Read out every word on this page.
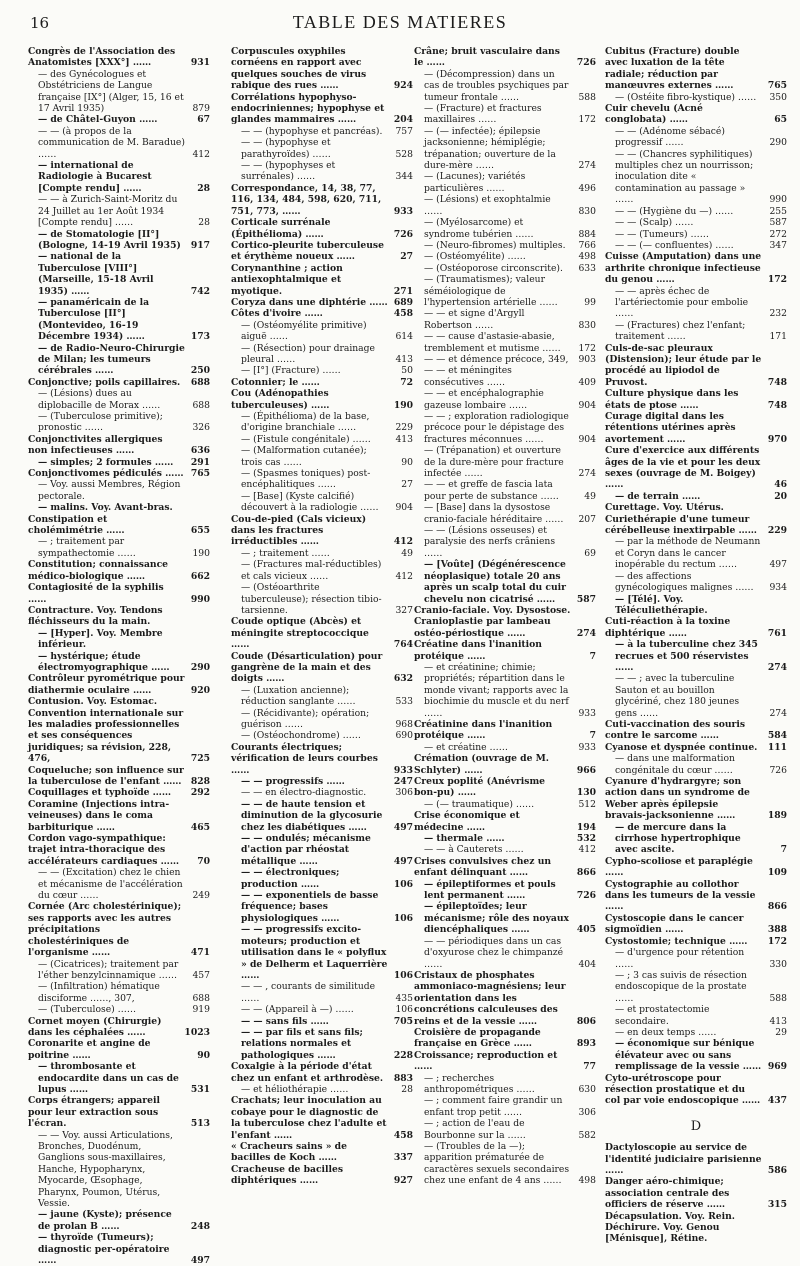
16	TABLE DES MATIERES
Congrès de l'Association des Anatomistes [XXX°] ……	931
— des Gynécologues et Obstétriciens de Langue française [IX°] (Alger, 15, 16 et 17 Avril 1935)	879
— de Châtel-Guyon ……	67
— — (à propos de la communication de M. Baradue) ……	412
— international de Radiologie à Bucarest [Compte rendu] ……	28
— — à Zurich-Saint-Moritz du 24 Juillet au 1er Août 1934 [Compte rendu] ……	28
— de Stomatologie [II°] (Bologne, 14-19 Avril 1935)	917
— national de la Tuberculose [VIII°] (Marseille, 15-18 Avril 1935) ……	742
— panaméricain de la Tuberculose [II°] (Montevideo, 16-19 Décembre 1934) ……	173
— de Radio-Neuro-Chirurgie de Milan; les tumeurs cérébrales ……	250
Conjonctive; poils capillaires.	688
— (Lésions) dues au diplobacille de Morax ……	688
— (Tuberculose primitive); pronostic ……	326
Conjonctivites allergiques non infectieuses ……	636
— simples; 2 formules ……	291
Conjonctivomes pédiculés …… 765
— Voy. aussi Membres, Région pectorale.
— malins. Voy. Avant-bras.
Constipation et cholémimétrie ……	655
— ; traitement par sympathectomie ……	190
Constitution; connaissance médico-biologique ……	662
Contagiosité de la syphilis ……	990
Contracture. Voy. Tendons fléchisseurs du la main.
— [Hyper]. Voy. Membre inférieur.
— hystérique; étude électromyographique ……	290
Contrôleur pyrométrique pour diathermie oculaire ……	920
Contusion. Voy. Estomac.
Convention internationale sur les maladies professionnelles et ses conséquences juridiques; sa révision, 228, 476,	725
Coqueluche; son influence sur la tuberculose de l'enfant ……	828
Coquillages et typhoïde ……	292
Coramine (Injections intra-veineuses) dans le coma barbiturique ……	465
Cordon vago-sympathique: trajet intra-thoracique des accélérateurs cardiaques ……	70
— — (Excitation) chez le chien et mécanisme de l'accélération du cœur ……	249
Cornée (Arc cholestérinique); ses rapports avec les autres précipitations cholestériniques de l'organisme ……	471
— (Cicatrices); traitement par l'éther benzylcinnamique ……	457
— (Infiltration) hématique disciforme ……, 307,	688
— (Tuberculose) ……	919
Cornet moyen (Chirurgie) dans les céphalées ……	1023
Coronarite et angine de poitrine ……	90
— thrombosante et endocardite dans un cas de lupus ……	531
Corps étrangers; appareil pour leur extraction sous l'écran.	513
— — Voy. aussi Articulations, Bronches, Duodénum, Ganglions sous-maxillaires, Hanche, Hypopharynx, Myocarde, Œsophage, Pharynx, Poumon, Utérus, Vessie.
— jaune (Kyste); présence de prolan B ……	248
— thyroïde (Tumeurs); diagnostic per-opératoire ……	497
Corpuscules oxyphiles cornéens en rapport avec quelques souches de virus rabique des rues ……	924
Corrélations hypophyso-endocriniennes; hypophyse et glandes mammaires ……	204
— — (hypophyse et pancréas).	757
— — (hypophyse et parathyroïdes) ……	528
— — (hypophyses et surrénales) ……	344
Correspondance, 14, 38, 77, 116, 134, 484, 598, 620, 711, 751, 773, ……	933
Corticale surrénale (Épithélioma) ……	726
Cortico-pleurite tuberculeuse et érythème noueux ……	27
Corynanthine ; action antiexophtalmique et myotique.	271
Coryza dans une diphtérie …… 689
Côtes d'ivoire ……	458
— (Ostéomyélite primitive) aiguë ……	614
— (Résection) pour drainage pleural ……	413
— [I°] (Fracture) ……	50
Cotonnier; le ……	72
Cou (Adénopathies tuberculeuses) ……	190
— (Épithélioma) de la base, d'origine branchiale ……	229
— (Fistule congénitale) ……	413
— (Malformation cutanée); trois cas ……	90
— (Spasmes toniques) post-encéphalitiques ……	27
— [Base] (Kyste calcifié) découvert à la radiologie ……	904
Cou-de-pied (Cals vicieux) dans les fractures irréductibles ……	412
— ; traitement ……	49
— (Fractures mal-réductibles) et cals vicieux ……	412
— (Ostéoarthrite tuberculeuse); résection tibio-tarsienne.	327
Coude optique (Abcès) et méningite streptococcique ……	764
Coude (Désarticulation) pour gangrène de la main et des doigts ……	632
— (Luxation ancienne); réduction sanglante ……	533
— (Récidivante); opération; guérison ……	968
— (Ostéochondrome) ……	690
Courants électriques; vérification de leurs courbes ……	933
— — progressifs ……	247
— — en électro-diagnostic.	306
— — de haute tension et diminution de la glycosurie chez les diabétiques ……	497
— — ondulés; mécanisme d'action par rhéostat métallique ……	497
— — électroniques; production ……	106
— — exponentiels de basse fréquence; bases physiologiques ……	106
— — progressifs excito-moteurs; production et utilisation dans le « polyflux » de Delherm et Laquerrière ……	106
— — , courants de similitude ……	435
— — (Appareil à —) ……	106
— — sans fils ……	705
— — par fils et sans fils; relations normales et pathologiques ……	228
Coxalgie à la période d'état chez un enfant et arthrodèse.	883
— et héliothérapie ……	28
Crachats; leur inoculation au cobaye pour le diagnostic de la tuberculose chez l'adulte et l'enfant ……	458
« Cracheurs sains » de bacilles de Koch ……	337
Cracheuse de bacilles diphtériques ……	927
Crâne; bruit vasculaire dans le ……	726
— (Décompression) dans un cas de troubles psychiques par tumeur frontale ……	588
— (Fracture) et fractures maxillaires ……	172
— (— infectée); épilepsie jacksonienne; hémiplégie; trépanation; ouverture de la dure-mère ……	274
— (Lacunes); variétés particulières ……	496
— (Lésions) et exophtalmie ……	830
— (Myélosarcome) et syndrome tubérien ……	884
— (Neuro-fibromes) multiples.	766
— (Ostéomyélite) ……	498
— (Ostéoporose circonscrite).	633
— (Traumatismes); valeur séméiologique de l'hypertension artérielle ……	99
— — et signe d'Argyll Robertson ……	830
— — cause d'astasie-abasie, tremblement et mutisme ……	172
— — et démence précoce, 349,	903
— — et méningites consécutives ……	409
— — et encéphalographie gazeuse lombaire ……	904
— — ; exploration radiologique précoce pour le dépistage des fractures méconnues ……	904
— (Trépanation) et ouverture de la dure-mère pour fracture infectée ……	274
— — et greffe de fascia lata pour perte de substance ……	49
— [Base] dans la dysostose cranio-faciale héréditaire ……	207
— — (Lésions osseuses) et paralysie des nerfs crâniens ……	69
— [Voûte] (Dégénérescence néoplasique) totale 20 ans après un scalp total du cuir chevelu non cicatrisé ……	587
Cranio-faciale. Voy. Dysostose.
Cranioplastie par lambeau ostéo-périostique ……	274
Créatine dans l'inanition protéique ……	7
— et créatinine; chimie; propriétés; répartition dans le monde vivant; rapports avec la biochimie du muscle et du nerf ……	933
Créatinine dans l'inanition protéique ……	7
— et créatine ……	933
Crémation (ouvrage de M. Schlyter) ……	966
Creux poplité (Anévrisme bon-pu) ……	130
— (— traumatique) ……	512
Crise économique et médecine ……	194
— thermale ……	532
— — à Cauterets ……	412
Crises convulsives chez un enfant délinquant ……	866
— épileptiformes et pouls lent permanent ……	726
— épileptoïdes; leur mécanisme; rôle des noyaux diencéphaliques ……	405
— — périodiques dans un cas d'oxyurose chez le chimpanzé ……	404
Cristaux de phosphates ammoniaco-magnésiens; leur orientation dans les concrétions calculeuses des reins et de la vessie ……	806
Croisière de propagande française en Grèce ……	893
Croissance; reproduction et ……	77
— ; recherches anthropométriques ……	630
— ; comment faire grandir un enfant trop petit ……	306
— ; action de l'eau de Bourbonne sur la ……	582
— (Troubles de la —); apparition prématurée de caractères sexuels secondaires chez une enfant de 4 ans ……	498
Cubitus (Fracture) double avec luxation de la tête radiale; réduction par manœuvres externes ……	765
— (Ostéite fibro-kystique) ……	350
Cuir chevelu (Acné conglobata) ……	65
— — (Adénome sébacé) progressif ……	290
— — (Chancres syphilitiques) multiples chez un nourrisson; inoculation dite « contamination au passage » ……	990
— — (Hygiène du —) ……	255
— — (Scalp) ……	587
— — (Tumeurs) ……	272
— — (— confluentes) ……	347
Cuisse (Amputation) dans une arthrite chronique infectieuse du genou ……	172
— — après échec de l'artériectomie pour embolie ……	232
— (Fractures) chez l'enfant; traitement ……	171
Culs-de-sac pleuraux (Distension); leur étude par le procédé au lipiodol de Pruvost.	748
Culture physique dans les états de ptose ……	748
Curage digital dans les rétentions utérines après avortement ……	970
Cure d'exercice aux différents âges de la vie et pour les deux sexes (ouvrage de M. Boigey) ……	46
— de terrain ……	20
Curettage. Voy. Utérus.
Curiethérapie d'une tumeur cérébelleuse inextirpable ……	229
— par la méthode de Neumann et Coryn dans le cancer inopérable du rectum ……	497
— des affections gynécologiques malignes ……	934
— [Télé]. Voy. Téléculiethérapie.
Cuti-réaction à la toxine diphtérique ……	761
— à la tuberculine chez 345 recrues et 500 réservistes ……	274
— — ; avec la tuberculine Sauton et au bouillon glycériné, chez 180 jeunes gens ……	274
Cuti-vaccination des souris contre le sarcome ……	584
Cyanose et dyspnée continue.	111
— dans une malformation congénitale du cœur ……	726
Cyanure d'hydrargyre; son action dans un syndrome de Weber après épilepsie bravais-jacksonienne ……	189
— de mercure dans la cirrhose hypertrophique avec ascite.	7
Cypho-scoliose et paraplégie ……	109
Cystographie au collothor dans les tumeurs de la vessie ……	866
Cystoscopie dans le cancer sigmoïdien ……	388
Cystostomie; technique ……	172
— d'urgence pour rétention ……	330
— ; 3 cas suivis de résection endoscopique de la prostate ……	588
— et prostatectomie secondaire.	413
— en deux temps ……	29
— économique sur bénique élévateur avec ou sans remplissage de la vessie …… 969
Cyto-urétroscope pour résection prostatique et du col par voie endoscopique …… 437
D
Dactyloscopie au service de l'identité judiciaire parisienne ……	586
Danger aéro-chimique; association centrale des officiers de réserve ……	315
Décapsulation. Voy. Rein.
Déchirure. Voy. Genou [Ménisque], Rétine.
